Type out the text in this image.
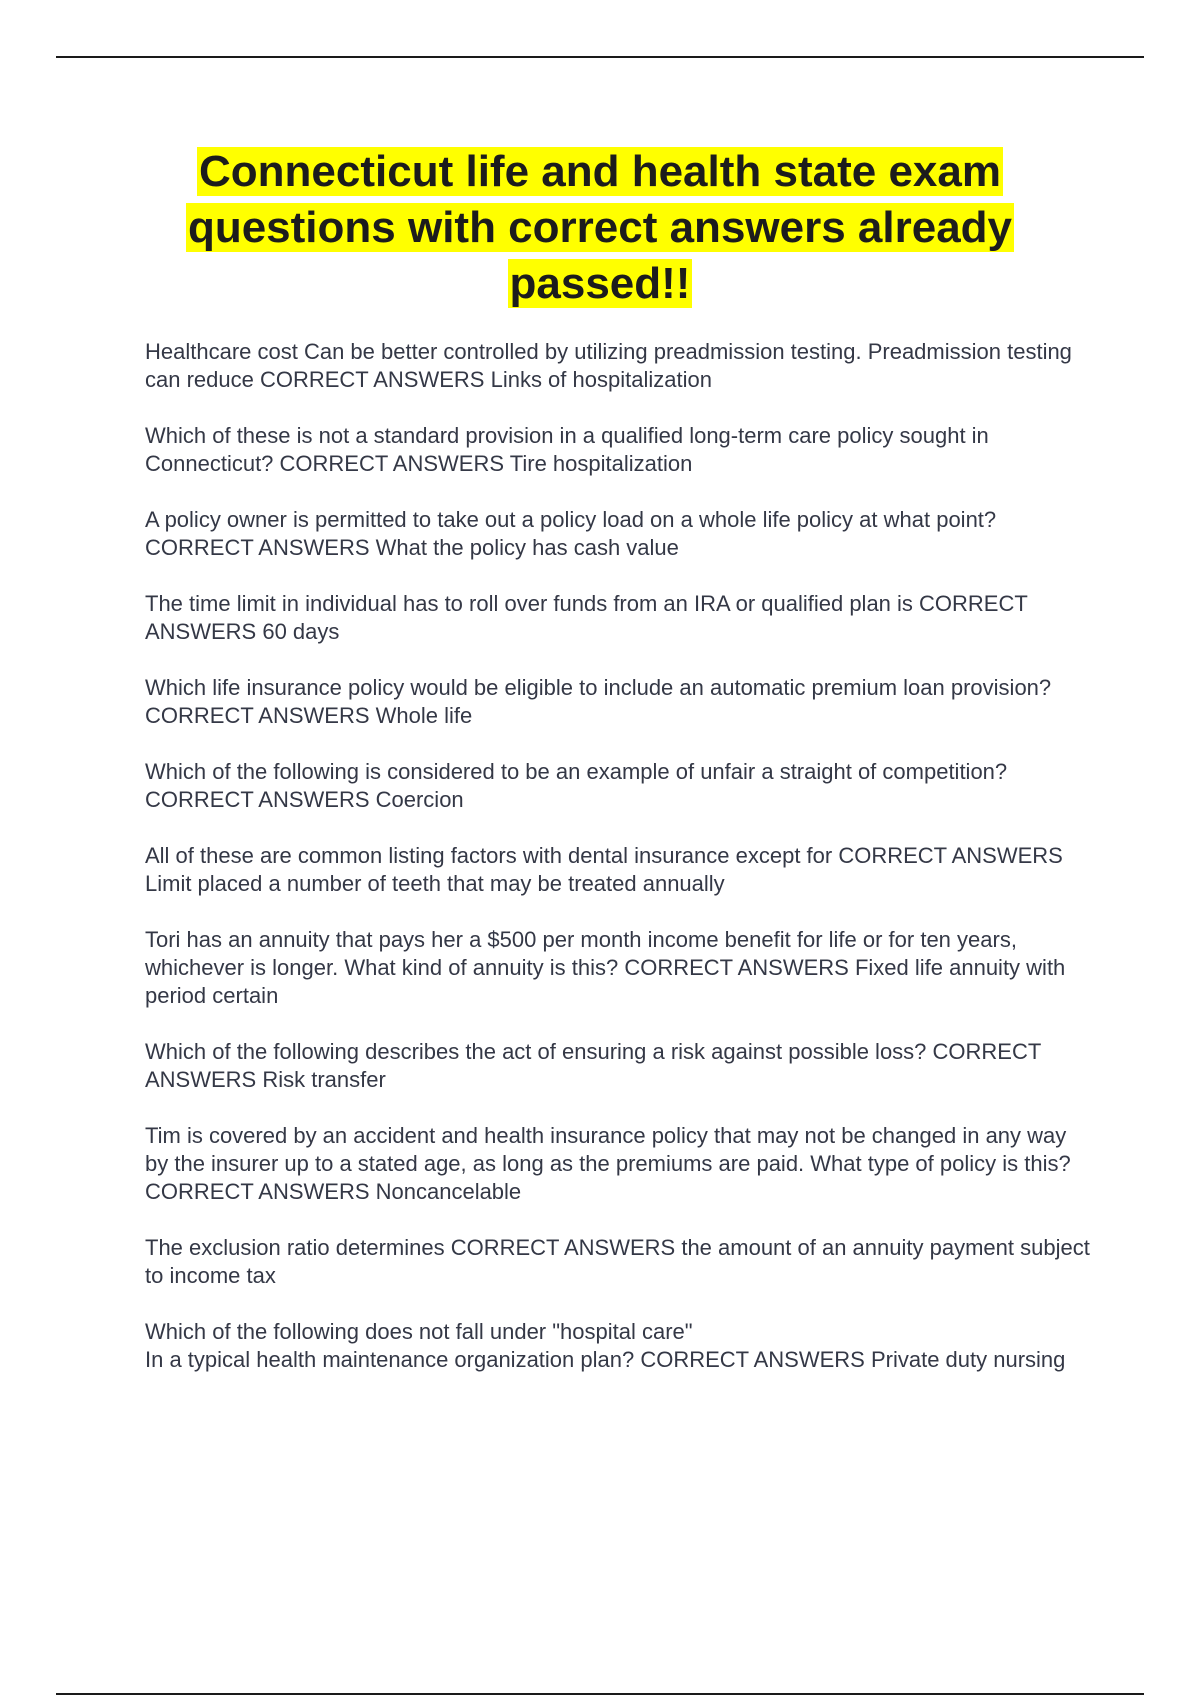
Connecticut life and health state exam questions with correct answers already passed!!
Healthcare cost Can be better controlled by utilizing preadmission testing. Preadmission testing can reduce CORRECT ANSWERS Links of hospitalization
Which of these is not a standard provision in a qualified long-term care policy sought in Connecticut? CORRECT ANSWERS Tire hospitalization
A policy owner is permitted to take out a policy load on a whole life policy at what point? CORRECT ANSWERS What the policy has cash value
The time limit in individual has to roll over funds from an IRA or qualified plan is CORRECT ANSWERS 60 days
Which life insurance policy would be eligible to include an automatic premium loan provision? CORRECT ANSWERS Whole life
Which of the following is considered to be an example of unfair a straight of competition? CORRECT ANSWERS Coercion
All of these are common listing factors with dental insurance except for CORRECT ANSWERS Limit placed a number of teeth that may be treated annually
Tori has an annuity that pays her a $500 per month income benefit for life or for ten years, whichever is longer. What kind of annuity is this? CORRECT ANSWERS Fixed life annuity with period certain
Which of the following describes the act of ensuring a risk against possible loss? CORRECT ANSWERS Risk transfer
Tim is covered by an accident and health insurance policy that may not be changed in any way by the insurer up to a stated age, as long as the premiums are paid. What type of policy is this? CORRECT ANSWERS Noncancelable
The exclusion ratio determines CORRECT ANSWERS the amount of an annuity payment subject to income tax
Which of the following does not fall under "hospital care"
In a typical health maintenance organization plan? CORRECT ANSWERS Private duty nursing
